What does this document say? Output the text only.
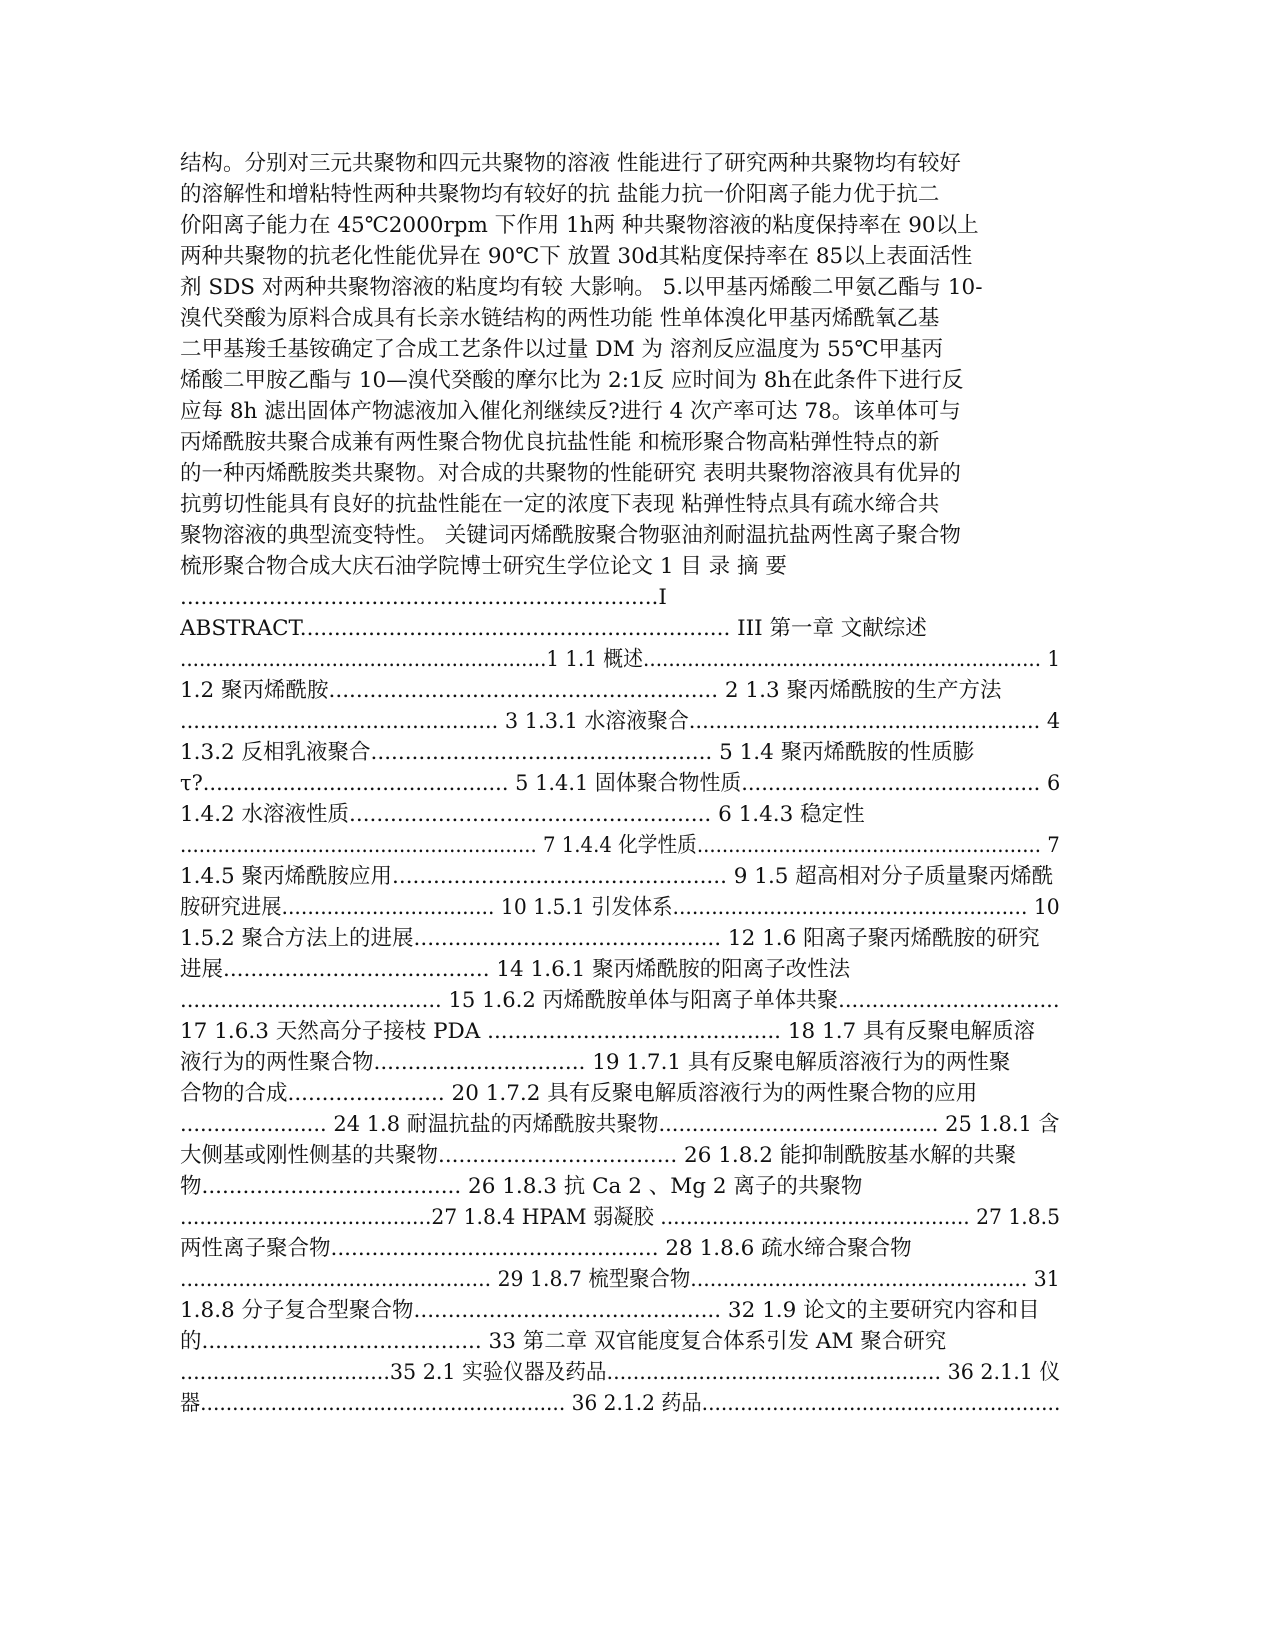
结构。分别对三元共聚物和四元共聚物的溶液 性能进行了研究两种共聚物均有较好
的溶解性和增粘特性两种共聚物均有较好的抗 盐能力抗一价阳离子能力优于抗二
价阳离子能力在 45℃2000rpm 下作用 1h两 种共聚物溶液的粘度保持率在 90以上
两种共聚物的抗老化性能优异在 90℃下 放置 30d其粘度保持率在 85以上表面活性
剂 SDS 对两种共聚物溶液的粘度均有较 大影响。 5.以甲基丙烯酸二甲氨乙酯与 10-
溴代癸酸为原料合成具有长亲水链结构的两性功能 性单体溴化甲基丙烯酰氧乙基
二甲基羧壬基铵确定了合成工艺条件以过量 DM 为 溶剂反应温度为 55℃甲基丙
烯酸二甲胺乙酯与 10—溴代癸酸的摩尔比为 2:1反 应时间为 8h在此条件下进行反
应每 8h 滤出固体产物滤液加入催化剂继续反?进行 4 次产率可达 78。该单体可与
丙烯酰胺共聚合成兼有两性聚合物优良抗盐性能 和梳形聚合物高粘弹性特点的新
的一种丙烯酰胺类共聚物。对合成的共聚物的性能研究 表明共聚物溶液具有优异的
抗剪切性能具有良好的抗盐性能在一定的浓度下表现 粘弹性特点具有疏水缔合共
聚物溶液的典型流变特性。 关键词丙烯酰胺聚合物驱油剂耐温抗盐两性离子聚合物
梳形聚合物合成大庆石油学院博士研究生学位论文 1 目 录 摘 要
......................................................................I
ABSTRACT............................................................... III 第一章 文献综述
..........................................................1 1.1 概述............................................................... 1
1.2 聚丙烯酰胺......................................................... 2 1.3 聚丙烯酰胺的生产方法
................................................ 3 1.3.1 水溶液聚合..................................................... 4
1.3.2 反相乳液聚合.................................................. 5 1.4 聚丙烯酰胺的性质膨
τ?.............................................. 5 1.4.1 固体聚合物性质............................................. 6
1.4.2 水溶液性质..................................................... 6 1.4.3 稳定性
......................................................... 7 1.4.4 化学性质....................................................... 7
1.4.5 聚丙烯酰胺应用................................................. 9 1.5 超高相对分子质量聚丙烯酰
胺研究进展................................. 10 1.5.1 引发体系....................................................... 10
1.5.2 聚合方法上的进展............................................. 12 1.6 阳离子聚丙烯酰胺的研究
进展....................................... 14 1.6.1 聚丙烯酰胺的阳离子改性法
....................................... 15 1.6.2 丙烯酰胺单体与阳离子单体共聚.................................
17 1.6.3 天然高分子接枝 PDA ........................................... 18 1.7 具有反聚电解质溶
液行为的两性聚合物............................... 19 1.7.1 具有反聚电解质溶液行为的两性聚
合物的合成....................... 20 1.7.2 具有反聚电解质溶液行为的两性聚合物的应用
...................... 24 1.8 耐温抗盐的丙烯酰胺共聚物.......................................... 25 1.8.1 含
大侧基或刚性侧基的共聚物................................... 26 1.8.2 能抑制酰胺基水解的共聚
物...................................... 26 1.8.3 抗 Ca 2 、Mg 2 离子的共聚物
.......................................27 1.8.4 HPAM 弱凝胶 ................................................ 27 1.8.5
两性离子聚合物................................................ 28 1.8.6 疏水缔合聚合物
................................................ 29 1.8.7 梳型聚合物.................................................... 31
1.8.8 分子复合型聚合物............................................. 32 1.9 论文的主要研究内容和目
的......................................... 33 第二章 双官能度复合体系引发 AM 聚合研究
................................35 2.1 实验仪器及药品................................................... 36 2.1.1 仪
器......................................................... 36 2.1.2 药品........................................................
